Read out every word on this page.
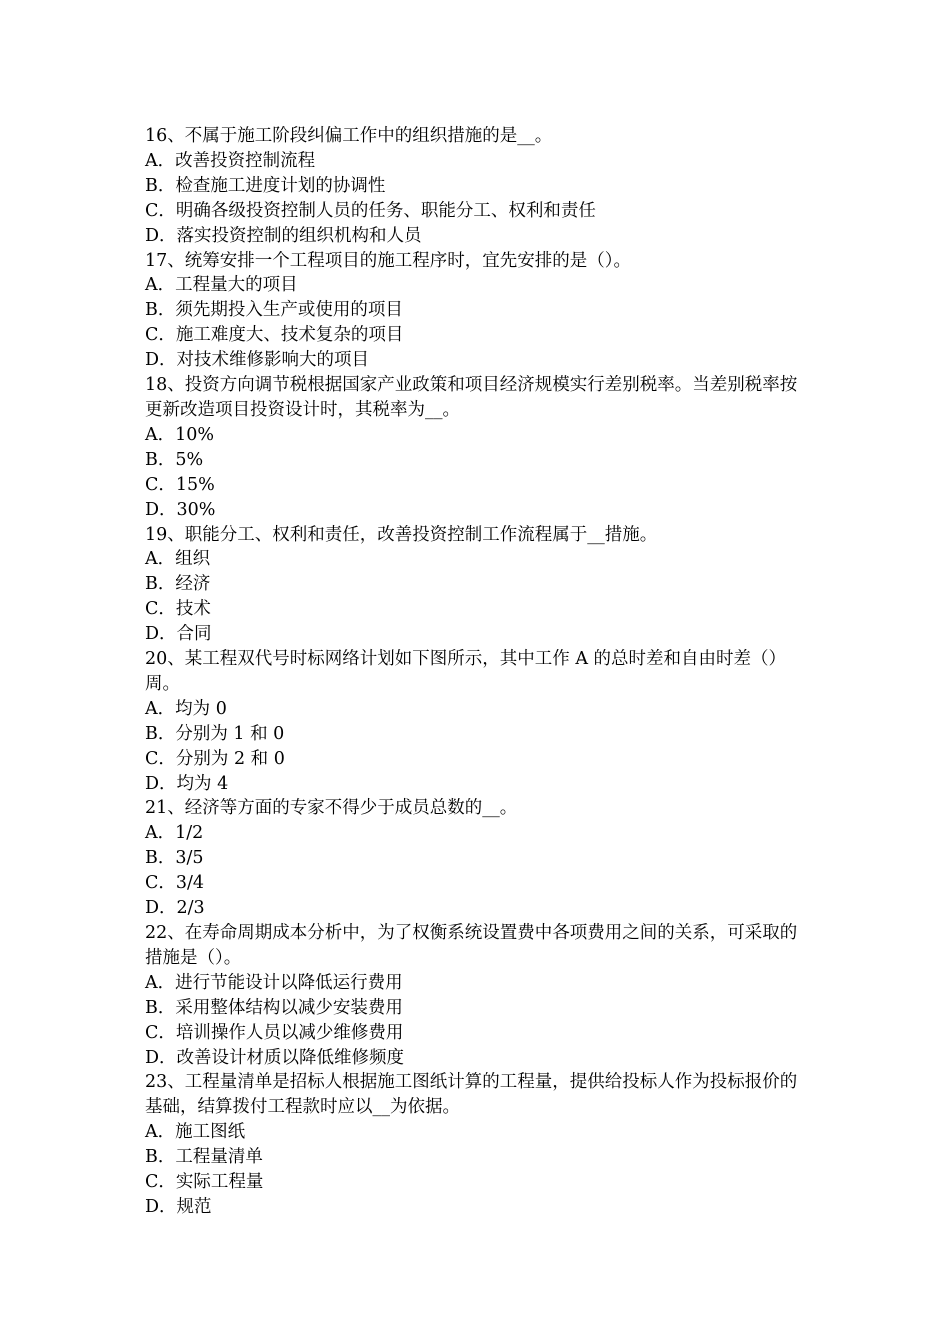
16、不属于施工阶段纠偏工作中的组织措施的是__。
A．改善投资控制流程
B．检查施工进度计划的协调性
C．明确各级投资控制人员的任务、职能分工、权利和责任
D．落实投资控制的组织机构和人员
17、统筹安排一个工程项目的施工程序时，宜先安排的是（）。
A．工程量大的项目
B．须先期投入生产或使用的项目
C．施工难度大、技术复杂的项目
D．对技术维修影响大的项目
18、投资方向调节税根据国家产业政策和项目经济规模实行差别税率。当差别税率按更新改造项目投资设计时，其税率为__。
A．10%
B．5%
C．15%
D．30%
19、职能分工、权利和责任，改善投资控制工作流程属于__措施。
A．组织
B．经济
C．技术
D．合同
20、某工程双代号时标网络计划如下图所示，其中工作 A 的总时差和自由时差（）周。
A．均为 0
B．分别为 1 和 0
C．分别为 2 和 0
D．均为 4
21、经济等方面的专家不得少于成员总数的__。
A．1/2
B．3/5
C．3/4
D．2/3
22、在寿命周期成本分析中，为了权衡系统设置费中各项费用之间的关系，可采取的措施是（）。
A．进行节能设计以降低运行费用
B．采用整体结构以减少安装费用
C．培训操作人员以减少维修费用
D．改善设计材质以降低维修频度
23、工程量清单是招标人根据施工图纸计算的工程量，提供给投标人作为投标报价的基础，结算拨付工程款时应以__为依据。
A．施工图纸
B．工程量清单
C．实际工程量
D．规范
